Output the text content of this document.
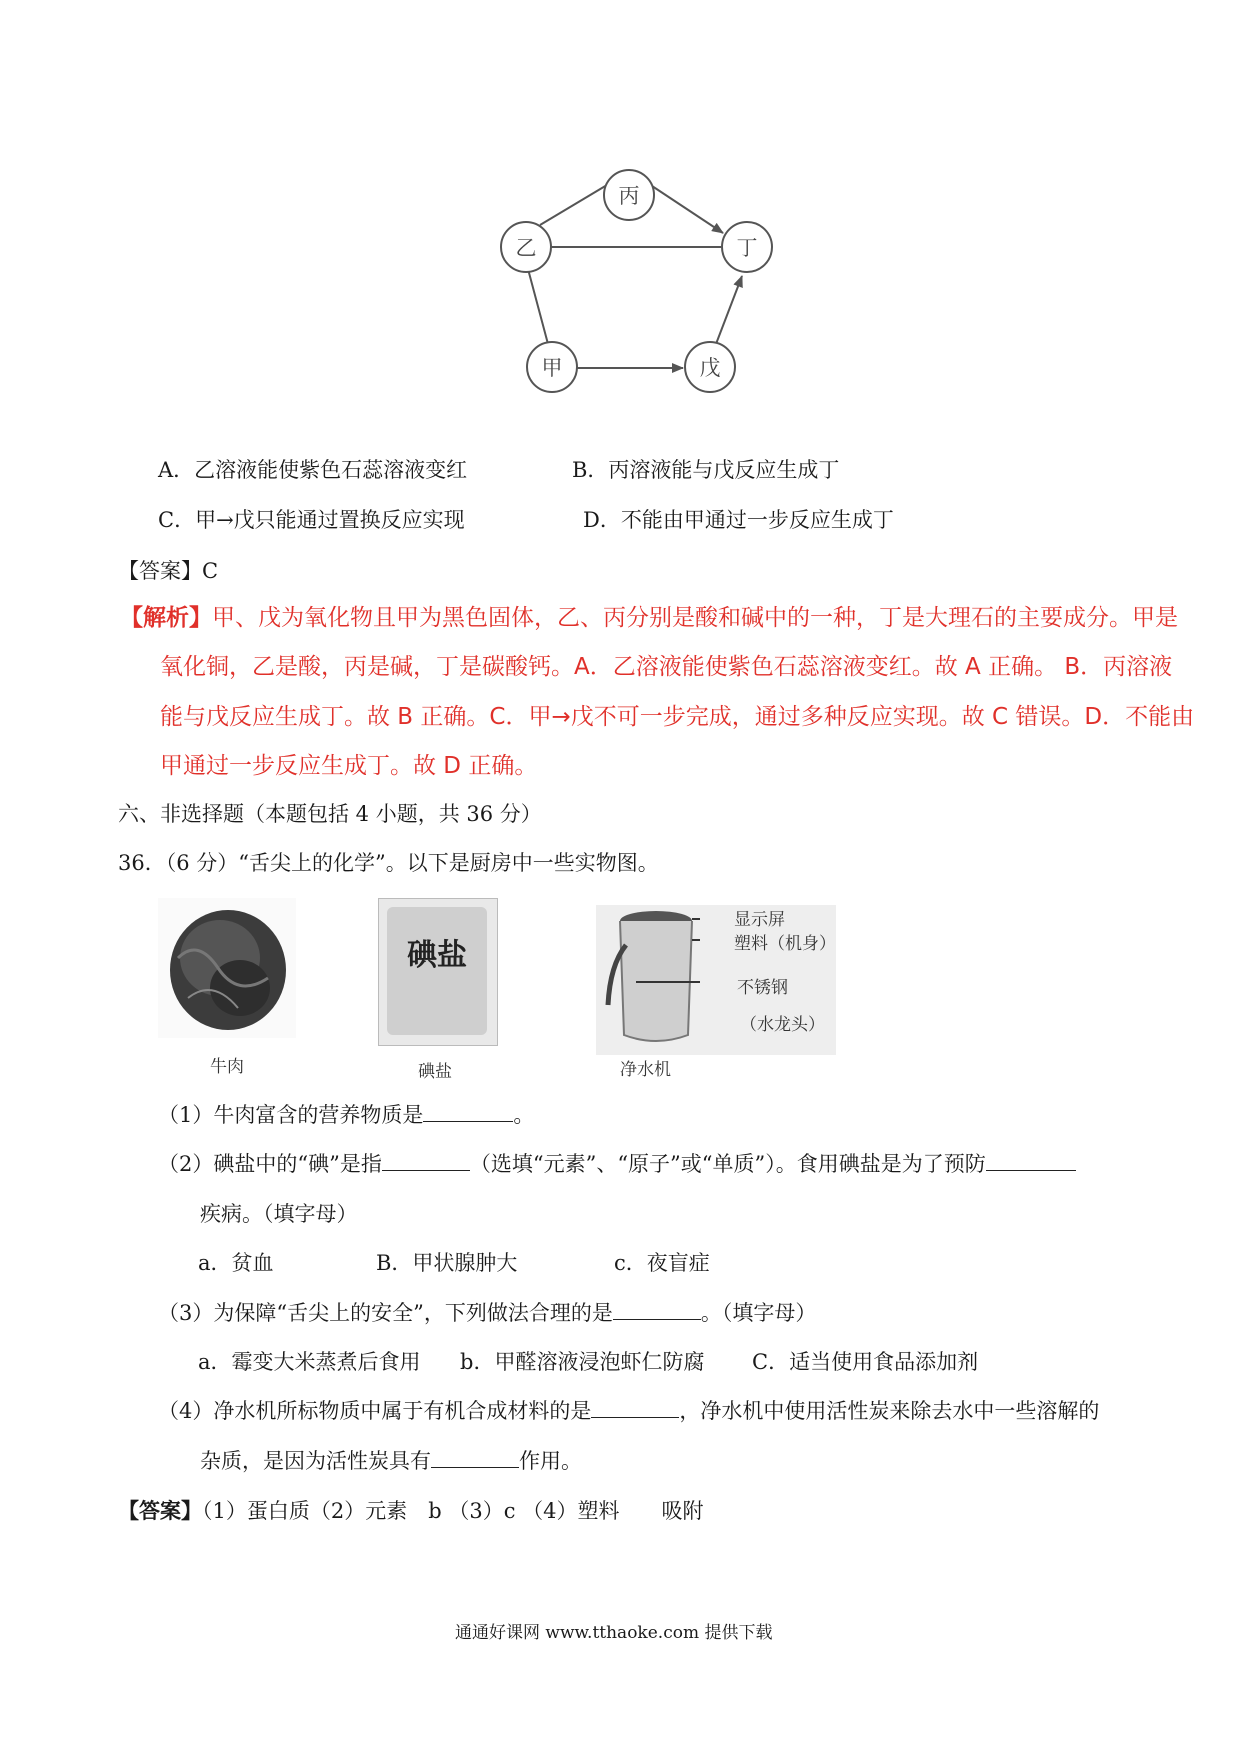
丙
乙	丁
甲	戊
A．乙溶液能使紫色石蕊溶液变红	B．丙溶液能与戊反应生成丁
C．甲→戊只能通过置换反应实现	D．不能由甲通过一步反应生成丁
【答案】C
【解析】甲、戊为氧化物且甲为黑色固体，乙、丙分别是酸和碱中的一种，丁是大理石的主要成分。甲是
氧化铜，乙是酸，丙是碱，丁是碳酸钙。A．乙溶液能使紫色石蕊溶液变红。故 A 正确。 B．丙溶液
能与戊反应生成丁。故 B 正确。C．甲→戊不可一步完成，通过多种反应实现。故 C 错误。D．不能由
甲通过一步反应生成丁。故 D 正确。
六、非选择题（本题包括 4 小题，共 36 分）
36．（6 分）“舌尖上的化学”。以下是厨房中一些实物图。
牛肉
碘盐
碘盐
显示屏
塑料（机身）
不锈钢
（水龙头）
净水机
（1）牛肉富含的营养物质是	。
（2）碘盐中的“碘”是指	（选填“元素”、“原子”或“单质”）。食用碘盐是为了预防
疾病。（填字母）
a．贫血	B．甲状腺肿大	c．夜盲症
（3）为保障“舌尖上的安全”，下列做法合理的是	。（填字母）
a．霉变大米蒸煮后食用 b．甲醛溶液浸泡虾仁防腐 C．适当使用食品添加剂
（4）净水机所标物质中属于有机合成材料的是	，净水机中使用活性炭来除去水中一些溶解的
杂质，是因为活性炭具有	作用。
【答案】（1）蛋白质（2）元素　b （3）c （4）塑料　　吸附
通通好课网 www.tthaoke.com 提供下载
